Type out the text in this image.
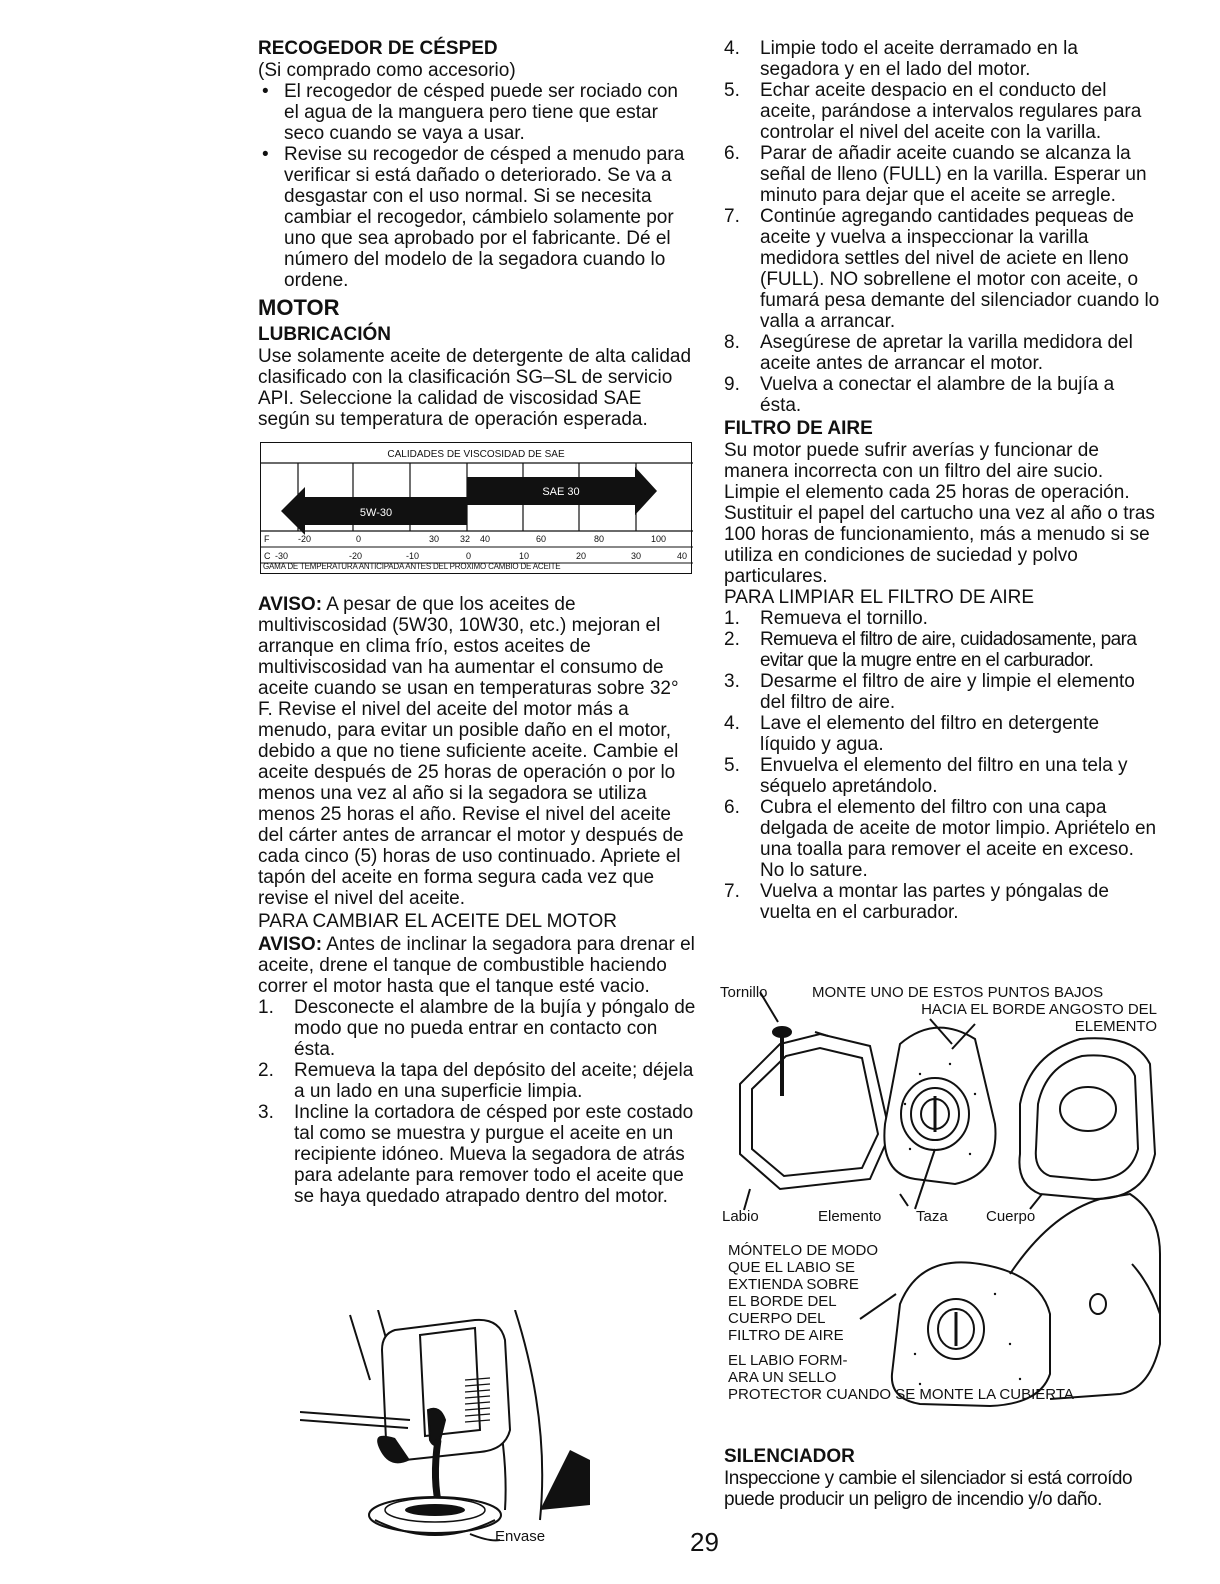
RECOGEDOR DE CÉSPED

(Si comprado como accesorio)

• El recogedor de césped puede ser rociado con el agua de la manguera pero tiene que estar seco cuando se vaya a usar.
• Revise su recogedor de césped a menudo para verificar si está dañado o deteriorado. Se va a desgastar con el uso normal. Si se necesita cambiar el recogedor, cámbielo solamente por uno que sea aprobado por el fabricante. Dé el número del modelo de la segadora cuando lo ordene.
MOTOR
LUBRICACIÓN

Use solamente aceite de detergente de alta calidad clasificado con la clasificación SG–SL de servicio API. Seleccione la calidad de viscosidad SAE según su temperatura de operación esperada.

CALIDADES DE VISCOSIDAD DE SAE
SAE 30
5W-30
F	-20	0	30 32 40	60	80	100
C -30	-20	-10	0	10	20	30	40
GAMA DE TEMPERATURA ANTICIPADA ANTES DEL PROXIMO CAMBIO DE ACEITE

AVISO: A pesar de que los aceites de multiviscosidad (5W30, 10W30, etc.) mejoran el arranque en clima frío, estos aceites de multiviscosidad van ha aumentar el consumo de aceite cuando se usan en temperaturas sobre 32° F. Revise el nivel del aceite del motor más a menudo, para evitar un posible daño en el motor, debido a que no tiene suficiente aceite. Cambie el aceite después de 25 horas de operación o por lo menos una vez al año si la segadora se utiliza menos 25 horas el año. Revise el nivel del aceite del cárter antes de arrancar el motor y después de cada cinco (5) horas de uso continuado. Apriete el tapón del aceite en forma segura cada vez que revise el nivel del aceite.

PARA CAMBIAR EL ACEITE DEL MOTOR

AVISO: Antes de inclinar la segadora para drenar el aceite, drene el tanque de combustible haciendo correr el motor hasta que el tanque esté vacio.

1. Desconecte el alambre de la bujía y póngalo de modo que no pueda entrar en contacto con ésta.
2. Remueva la tapa del depósito del aceite; déjela a un lado en una superficie limpia.
3. Incline la cortadora de césped por este costado tal como se muestra y purgue el aceite en un recipiente idóneo. Mueva la segadora de atrás para adelante para remover todo el aceite que se haya quedado atrapado dentro del motor.
Envase
4. Limpie todo el aceite derramado en la segadora y en el lado del motor.
5. Echar aceite despacio en el conducto del aceite, parándose a intervalos regulares para controlar el nivel del aceite con la varilla.
6. Parar de añadir aceite cuando se alcanza la señal de lleno (FULL) en la varilla. Esperar un minuto para dejar que el aceite se arregle.
7. Continúe agregando cantidades pequeas de aceite y vuelva a inspeccionar la varilla medidora settles del nivel de aciete en lleno (FULL). NO sobrellene el motor con aceite, o fumará pesa demante del silenciador cuando lo valla a arrancar.
8. Asegúrese de apretar la varilla medidora del aceite antes de arrancar el motor.
9. Vuelva a conectar el alambre de la bujía a ésta.
FILTRO DE AIRE

Su motor puede sufrir averías y funcionar de manera incorrecta con un filtro del aire sucio. Limpie el elemento cada 25 horas de operación. Sustituir el papel del cartucho una vez al año o tras 100 horas de funcionamiento, más a menudo si se utiliza en condiciones de suciedad y polvo particulares.

PARA LIMPIAR EL FILTRO DE AIRE

1. Remueva el tornillo.
2. Remueva el filtro de aire, cuidadosamente, para evitar que la mugre entre en el carburador.
3. Desarme el filtro de aire y limpie el elemento del filtro de aire.
4. Lave el elemento del filtro en detergente líquido y agua.
5. Envuelva el elemento del filtro en una tela y séquelo apretándolo.
6. Cubra el elemento del filtro con una capa delgada de aceite de motor limpio. Apriételo en una toalla para remover el aceite en exceso. No lo sature.
7. Vuelva a montar las partes y póngalas de vuelta en el carburador.
Tornillo	MONTE UNO DE ESTOS PUNTOS BAJOS
HACIA EL BORDE ANGOSTO DEL
ELEMENTO
Labio	Elemento Taza	Cuerpo
MÓNTELO DE MODO
QUE EL LABIO SE
EXTIENDA SOBRE
EL BORDE DEL
CUERPO DEL
FILTRO DE AIRE
EL LABIO FORM-
ARA UN SELLO
PROTECTOR CUANDO SE MONTE LA CUBIERTA
SILENCIADOR

Inspeccione y cambie el silenciador si está corroído puede producir un peligro de incendio y/o daño.

29
